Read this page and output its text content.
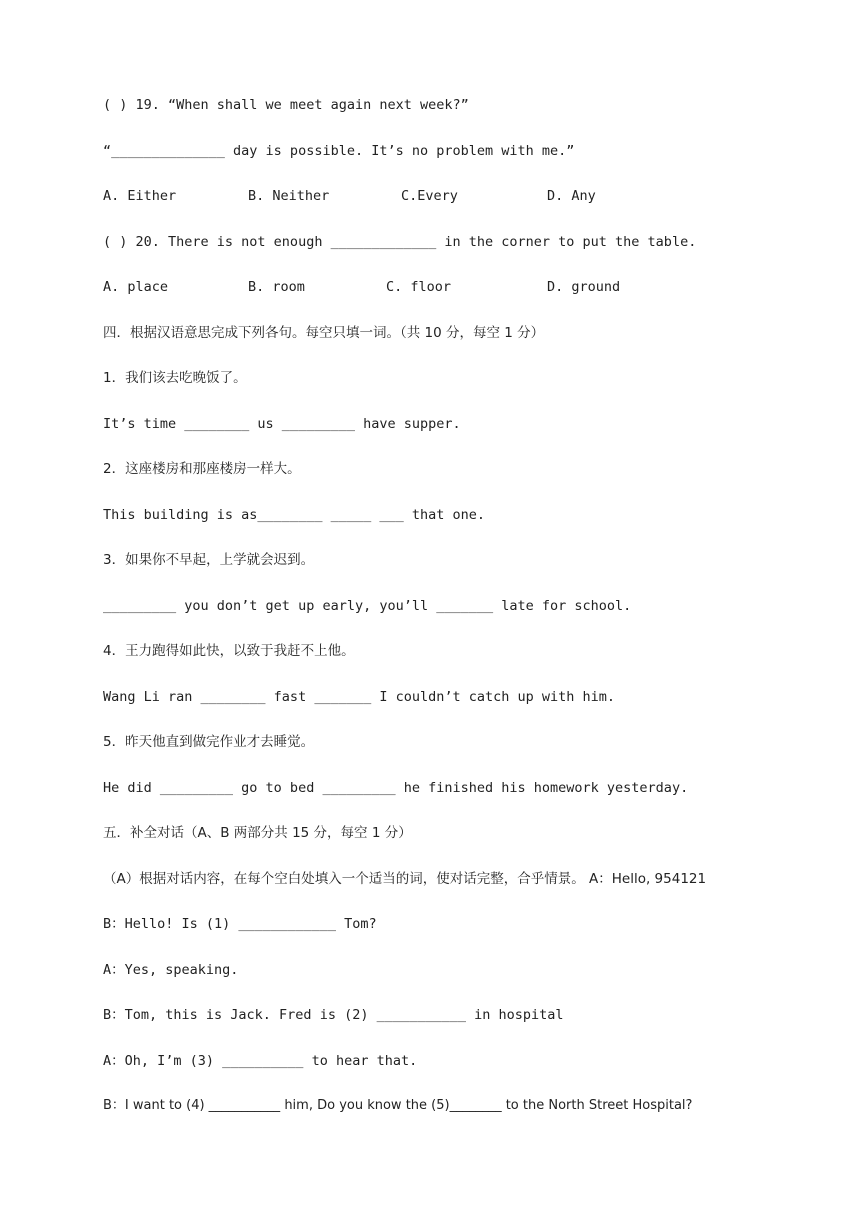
( ) 19. “When shall we meet again next week?”
“______________ day is possible. It’s no problem with me.”
A. Either	B. Neither	C.Every	D. Any
( ) 20. There is not enough _____________ in the corner to put the table.
A. place	B. room	C. floor	D. ground
四．根据汉语意思完成下列各句。每空只填一词。（共 10 分，每空 1 分）
1．我们该去吃晚饭了。
It’s time ________ us _________ have supper.
2．这座楼房和那座楼房一样大。
This building is as________ _____ ___ that one.
3．如果你不早起，上学就会迟到。
_________ you don’t get up early, you’ll _______ late for school.
4．王力跑得如此快，以致于我赶不上他。
Wang Li ran ________ fast _______ I couldn’t catch up with him.
5．昨天他直到做完作业才去睡觉。
He did _________ go to bed _________ he finished his homework yesterday.
五．补全对话（A、B 两部分共 15 分，每空 1 分）
（A）根据对话内容，在每个空白处填入一个适当的词，使对话完整，合乎情景。 A：Hello, 954121
B：Hello! Is (1) ____________ Tom?
A：Yes, speaking.
B：Tom, this is Jack. Fred is (2) ___________ in hospital
A：Oh, I’m (3) __________ to hear that.
B：I want to (4) ___________ him, Do you know the (5)________ to the North Street Hospital?
